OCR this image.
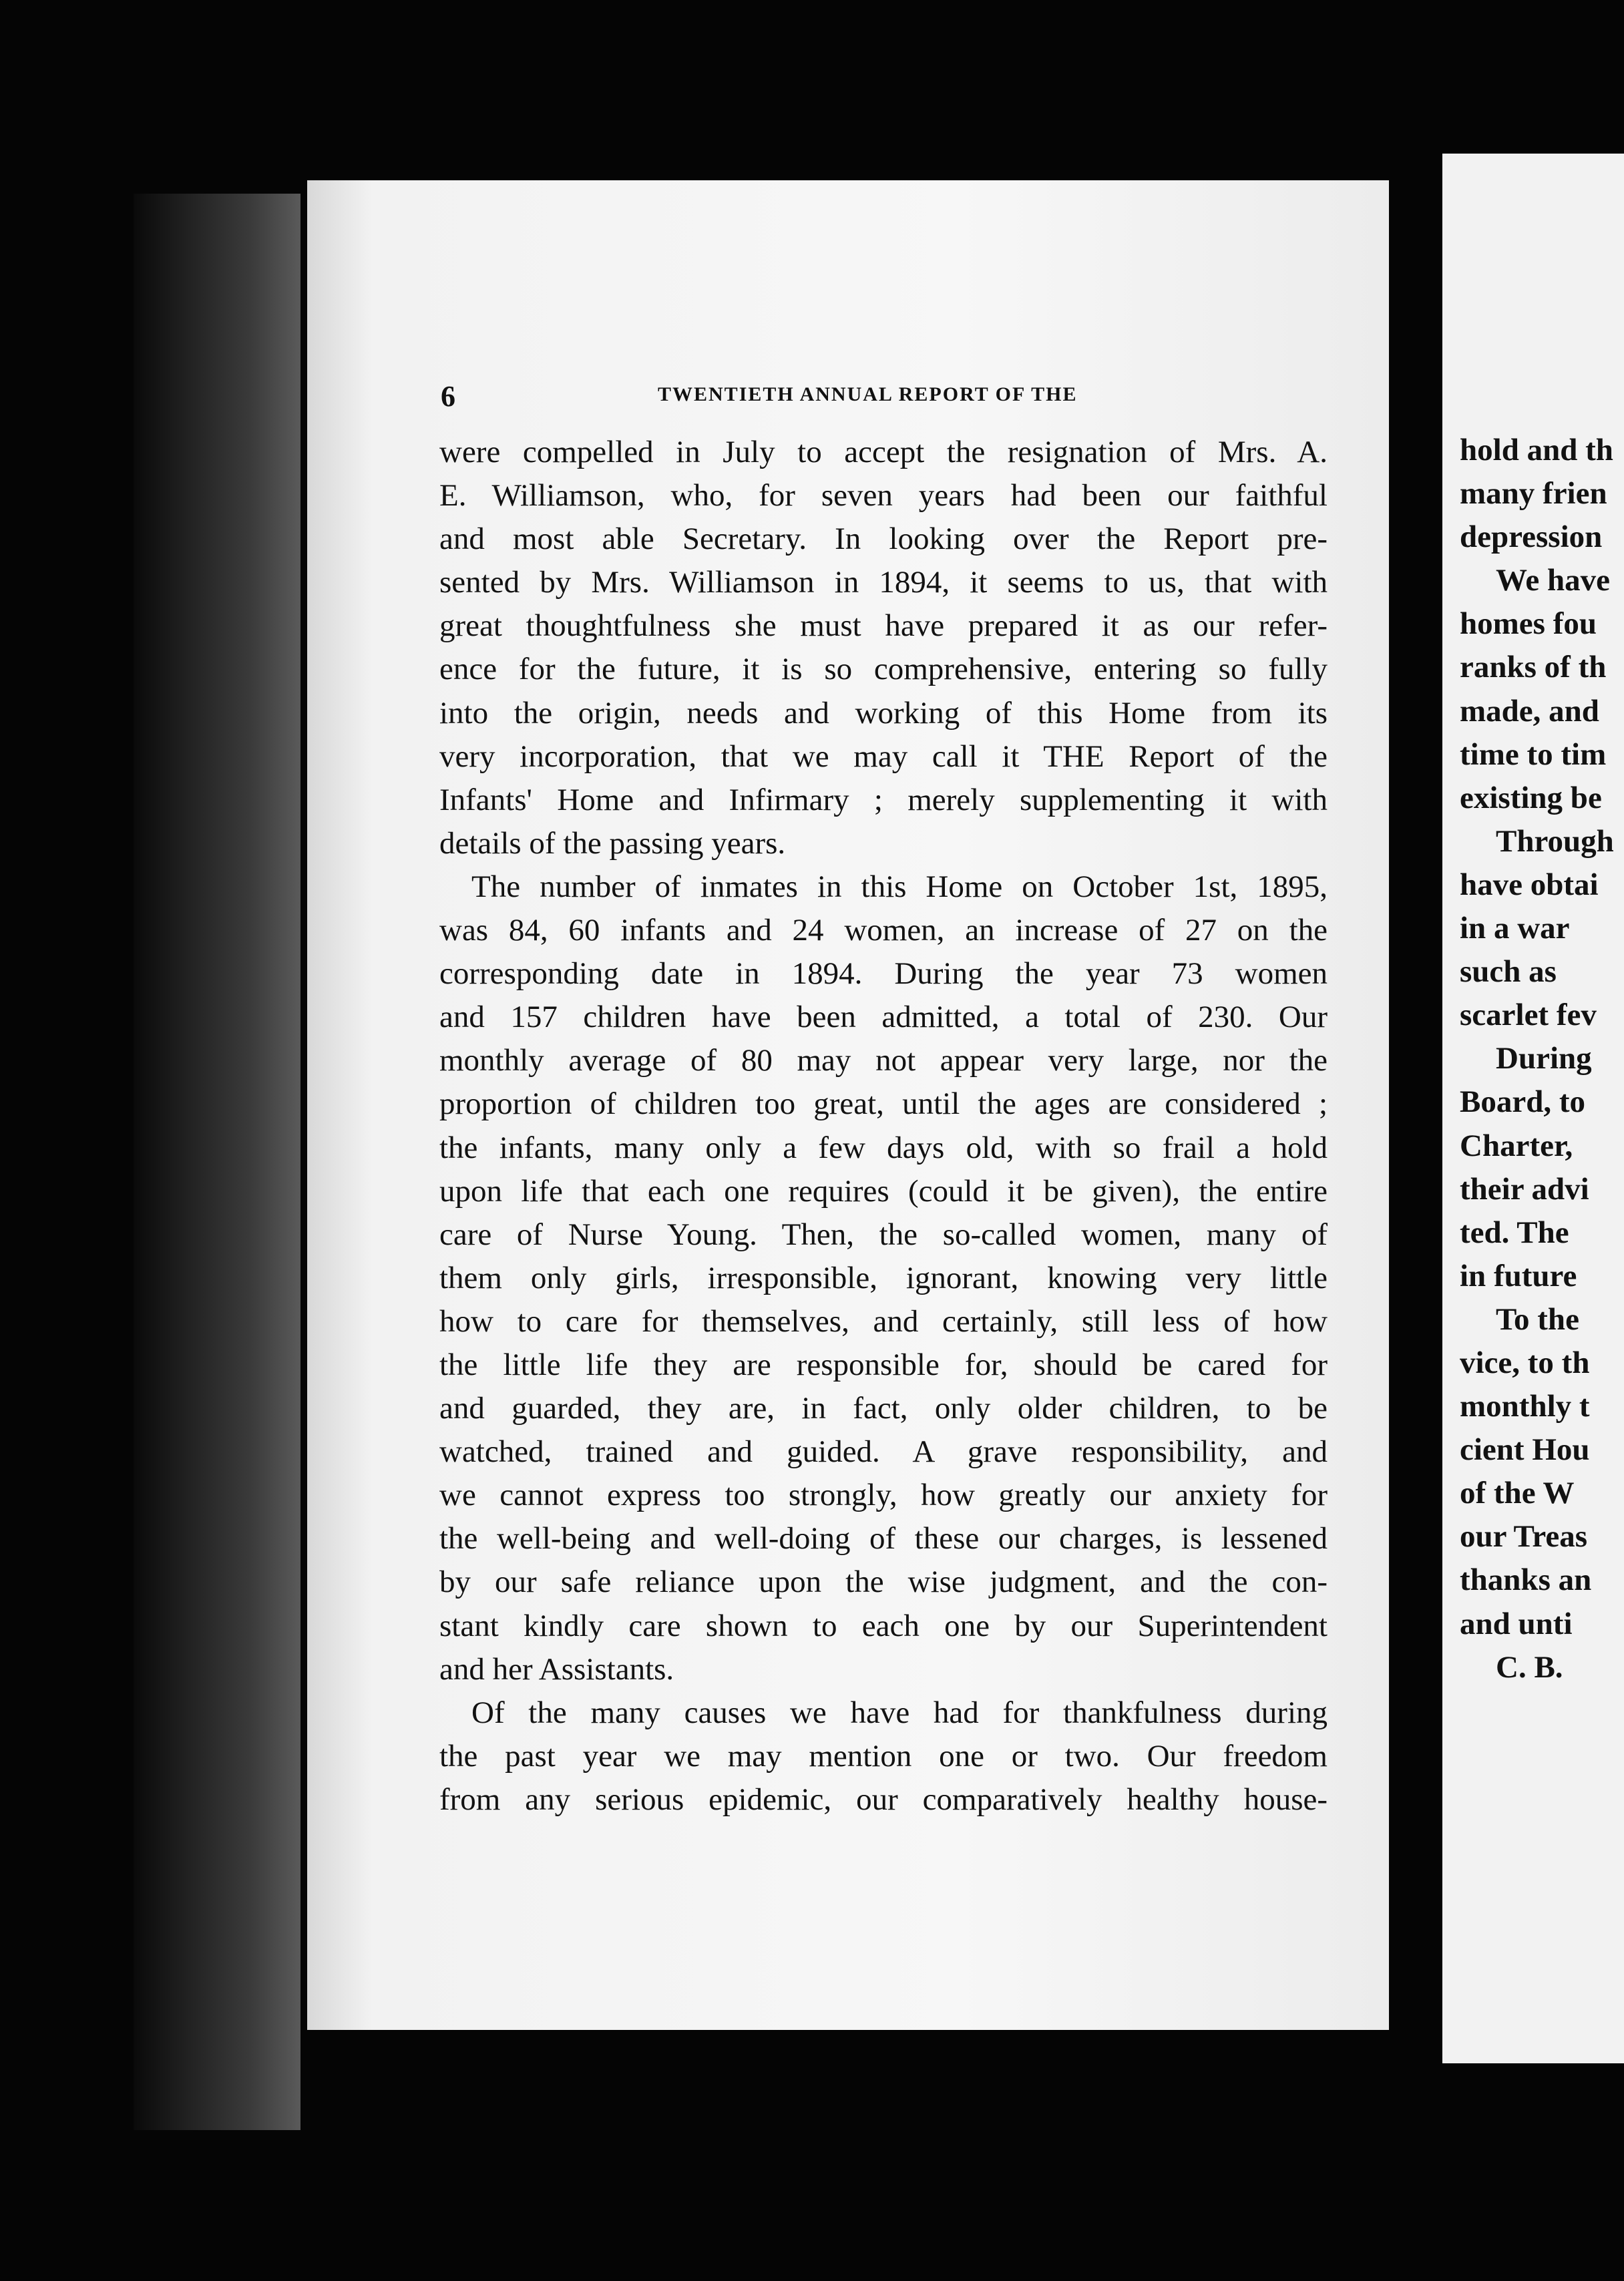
hold and th
many frien
depression
We have
homes fou
ranks of th
made, and
time to tim
existing be
Through
have obtai
in a war
such as
scarlet fev
During
Board, to
Charter,
their advi
ted. The
in future
To the
vice, to th
monthly t
cient Hou
of the W
our Treas
thanks an
and unti
C. B.
6	TWENTIETH ANNUAL REPORT OF THE
were compelled in July to accept the resignation of Mrs. A.
E. Williamson, who, for seven years had been our faithful
and most able Secretary. In looking over the Report pre-
sented by Mrs. Williamson in 1894, it seems to us, that with
great thoughtfulness she must have prepared it as our refer-
ence for the future, it is so comprehensive, entering so fully
into the origin, needs and working of this Home from its
very incorporation, that we may call it THE Report of the
Infants' Home and Infirmary ; merely supplementing it with
details of the passing years.
The number of inmates in this Home on October 1st, 1895,
was 84, 60 infants and 24 women, an increase of 27 on the
corresponding date in 1894. During the year 73 women
and 157 children have been admitted, a total of 230. Our
monthly average of 80 may not appear very large, nor the
proportion of children too great, until the ages are considered ;
the infants, many only a few days old, with so frail a hold
upon life that each one requires (could it be given), the entire
care of Nurse Young. Then, the so-called women, many of
them only girls, irresponsible, ignorant, knowing very little
how to care for themselves, and certainly, still less of how
the little life they are responsible for, should be cared for
and guarded, they are, in fact, only older children, to be
watched, trained and guided. A grave responsibility, and
we cannot express too strongly, how greatly our anxiety for
the well-being and well-doing of these our charges, is lessened
by our safe reliance upon the wise judgment, and the con-
stant kindly care shown to each one by our Superintendent
and her Assistants.
Of the many causes we have had for thankfulness during
the past year we may mention one or two. Our freedom
from any serious epidemic, our comparatively healthy house-
